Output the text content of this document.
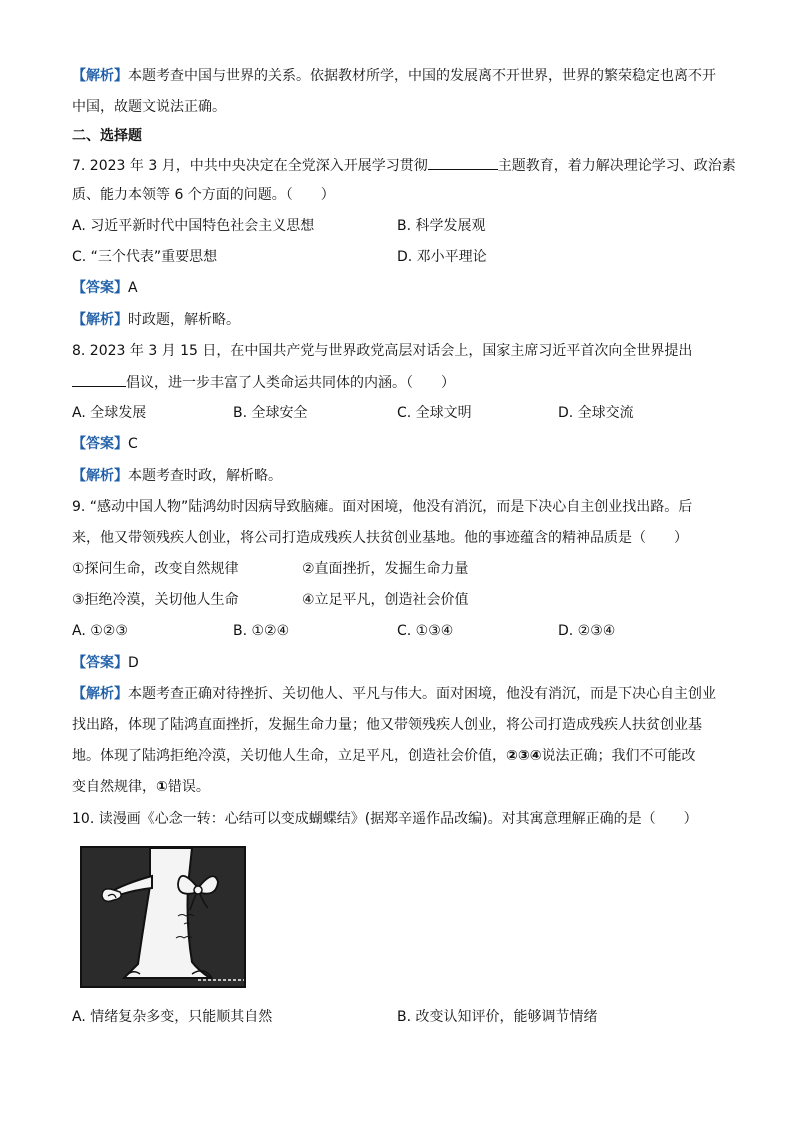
【解析】本题考查中国与世界的关系。依据教材所学，中国的发展离不开世界，世界的繁荣稳定也离不开
中国，故题文说法正确。
二、选择题
7. 2023 年 3 月，中共中央决定在全党深入开展学习贯彻	主题教育，着力解决理论学习、政治素
质、能力本领等 6 个方面的问题。（　　）
A. 习近平新时代中国特色社会主义思想	B. 科学发展观
C. “三个代表”重要思想	D. 邓小平理论
【答案】A
【解析】时政题，解析略。
8. 2023 年 3 月 15 日，在中国共产党与世界政党高层对话会上，国家主席习近平首次向全世界提出
倡议，进一步丰富了人类命运共同体的内涵。（　　）
A. 全球发展	B. 全球安全	C. 全球文明	D. 全球交流
【答案】C
【解析】本题考查时政，解析略。
9. “感动中国人物”陆鸿幼时因病导致脑瘫。面对困境，他没有消沉，而是下决心自主创业找出路。后
来，他又带领残疾人创业，将公司打造成残疾人扶贫创业基地。他的事迹蕴含的精神品质是（　　）
①探问生命，改变自然规律	②直面挫折，发掘生命力量
③拒绝冷漠，关切他人生命	④立足平凡，创造社会价值
A. ①②③	B. ①②④	C. ①③④	D. ②③④
【答案】D
【解析】本题考查正确对待挫折、关切他人、平凡与伟大。面对困境，他没有消沉，而是下决心自主创业
找出路，体现了陆鸿直面挫折，发掘生命力量；他又带领残疾人创业，将公司打造成残疾人扶贫创业基
地。体现了陆鸿拒绝冷漠，关切他人生命，立足平凡，创造社会价值，②③④说法正确；我们不可能改
变自然规律，①错误。
10. 读漫画《心念一转：心结可以变成蝴蝶结》(据郑辛遥作品改编)。对其寓意理解正确的是（　　）
A. 情绪复杂多变，只能顺其自然	B. 改变认知评价，能够调节情绪
